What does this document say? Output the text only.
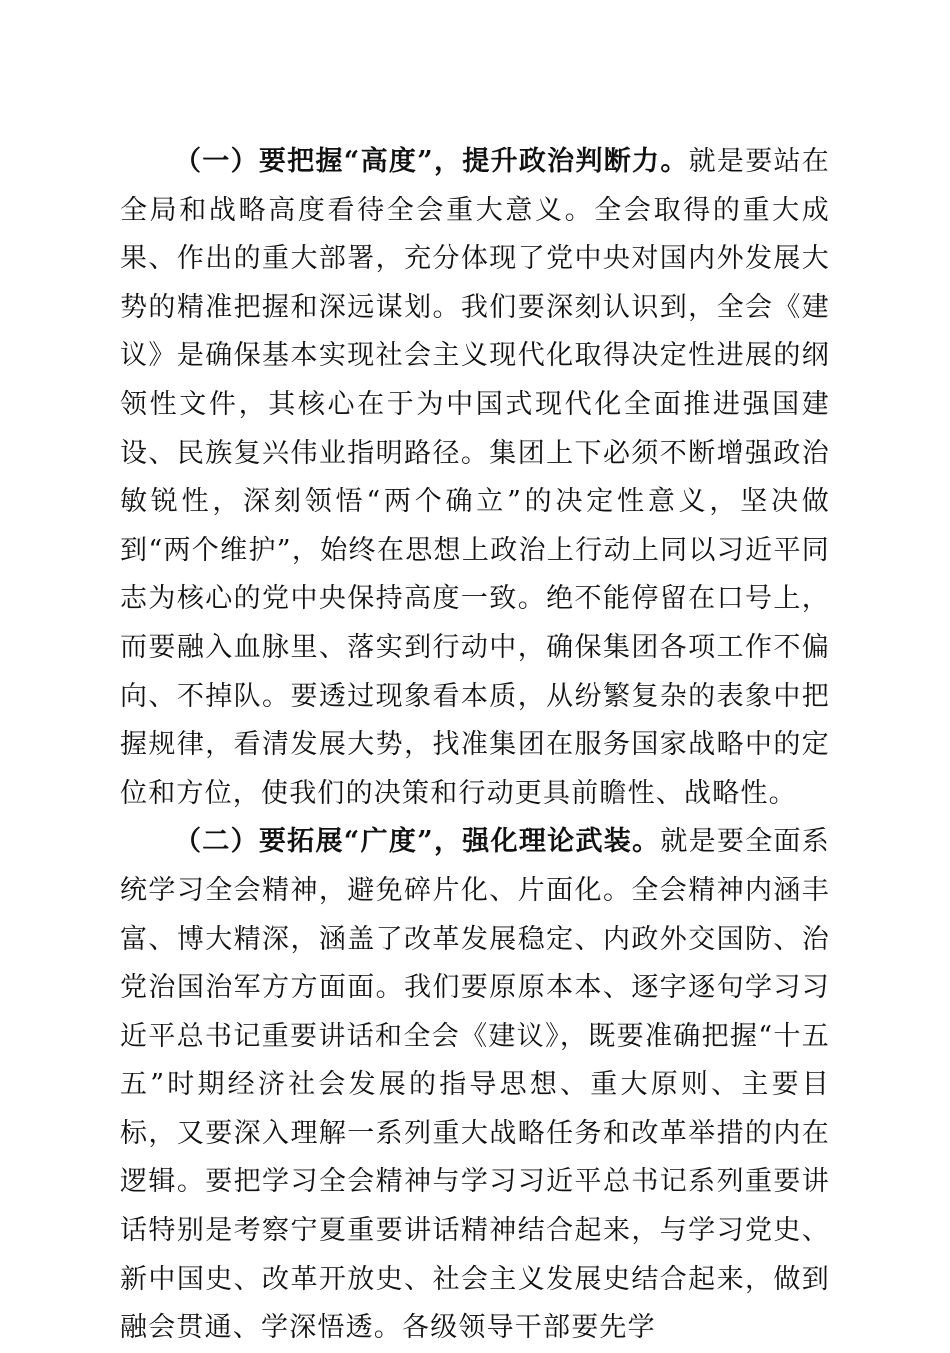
（一）要把握“高度”，提升政治判断力。就是要站在全局和战略高度看待全会重大意义。全会取得的重大成果、作出的重大部署，充分体现了党中央对国内外发展大势的精准把握和深远谋划。我们要深刻认识到，全会《建议》是确保基本实现社会主义现代化取得决定性进展的纲领性文件，其核心在于为中国式现代化全面推进强国建设、民族复兴伟业指明路径。集团上下必须不断增强政治敏锐性，深刻领悟“两个确立”的决定性意义，坚决做到“两个维护”，始终在思想上政治上行动上同以习近平同志为核心的党中央保持高度一致。绝不能停留在口号上，而要融入血脉里、落实到行动中，确保集团各项工作不偏向、不掉队。要透过现象看本质，从纷繁复杂的表象中把握规律，看清发展大势，找准集团在服务国家战略中的定位和方位，使我们的决策和行动更具前瞻性、战略性。

（二）要拓展“广度”，强化理论武装。就是要全面系统学习全会精神，避免碎片化、片面化。全会精神内涵丰富、博大精深，涵盖了改革发展稳定、内政外交国防、治党治国治军方方面面。我们要原原本本、逐字逐句学习习近平总书记重要讲话和全会《建议》，既要准确把握“十五五”时期经济社会发展的指导思想、重大原则、主要目标，又要深入理解一系列重大战略任务和改革举措的内在逻辑。要把学习全会精神与学习习近平总书记系列重要讲话特别是考察宁夏重要讲话精神结合起来，与学习党史、新中国史、改革开放史、社会主义发展史结合起来，做到融会贯通、学深悟透。各级领导干部要先学
